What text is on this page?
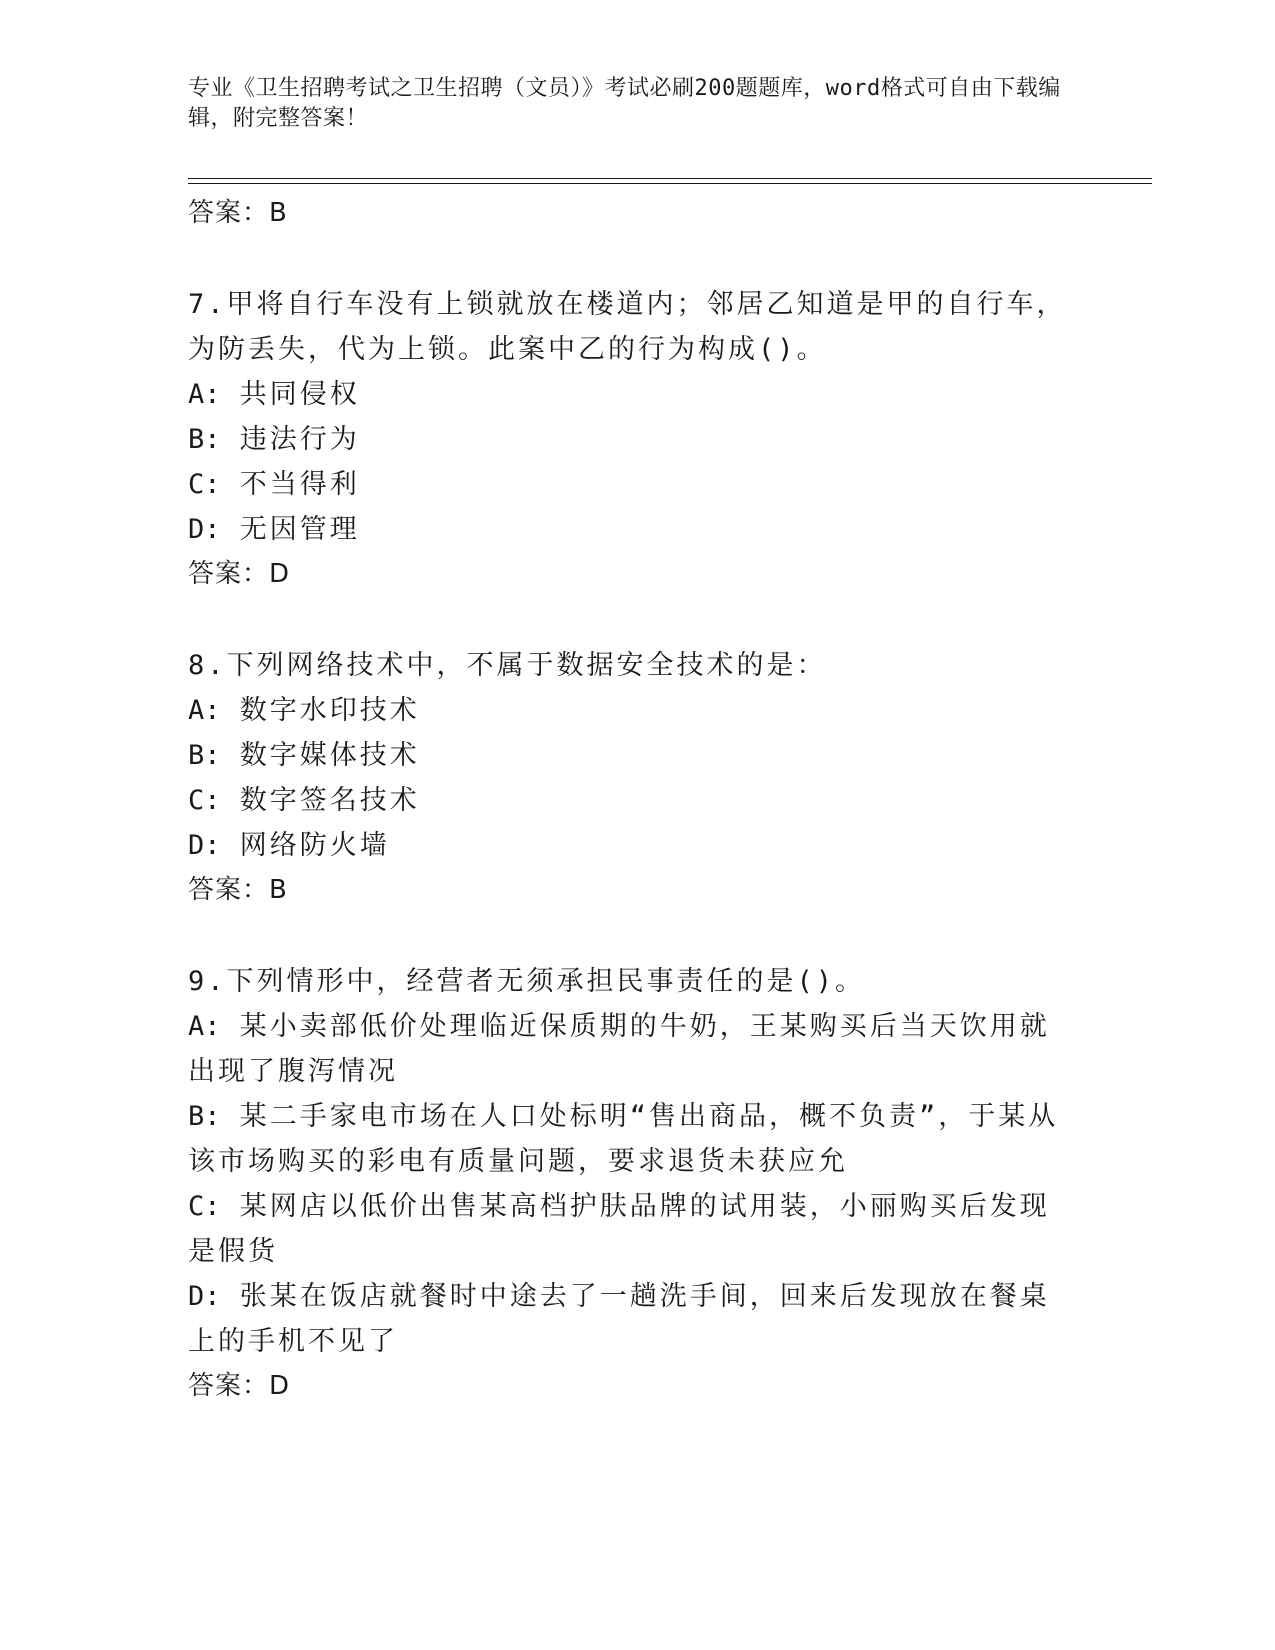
专业《卫生招聘考试之卫生招聘（文员）》考试必刷200题题库，word格式可自由下载编辑，附完整答案！
答案：B

7.甲将自行车没有上锁就放在楼道内；邻居乙知道是甲的自行车，为防丢失，代为上锁。此案中乙的行为构成()。

A: 共同侵权

B: 违法行为

C: 不当得利

D: 无因管理

答案：D

8.下列网络技术中，不属于数据安全技术的是：

A: 数字水印技术

B: 数字媒体技术

C: 数字签名技术

D: 网络防火墙

答案：B

9.下列情形中，经营者无须承担民事责任的是()。

A: 某小卖部低价处理临近保质期的牛奶，王某购买后当天饮用就出现了腹泻情况

B: 某二手家电市场在人口处标明“售出商品，概不负责”，于某从该市场购买的彩电有质量问题，要求退货未获应允

C: 某网店以低价出售某高档护肤品牌的试用装，小丽购买后发现是假货

D: 张某在饭店就餐时中途去了一趟洗手间，回来后发现放在餐桌上的手机不见了

答案：D
